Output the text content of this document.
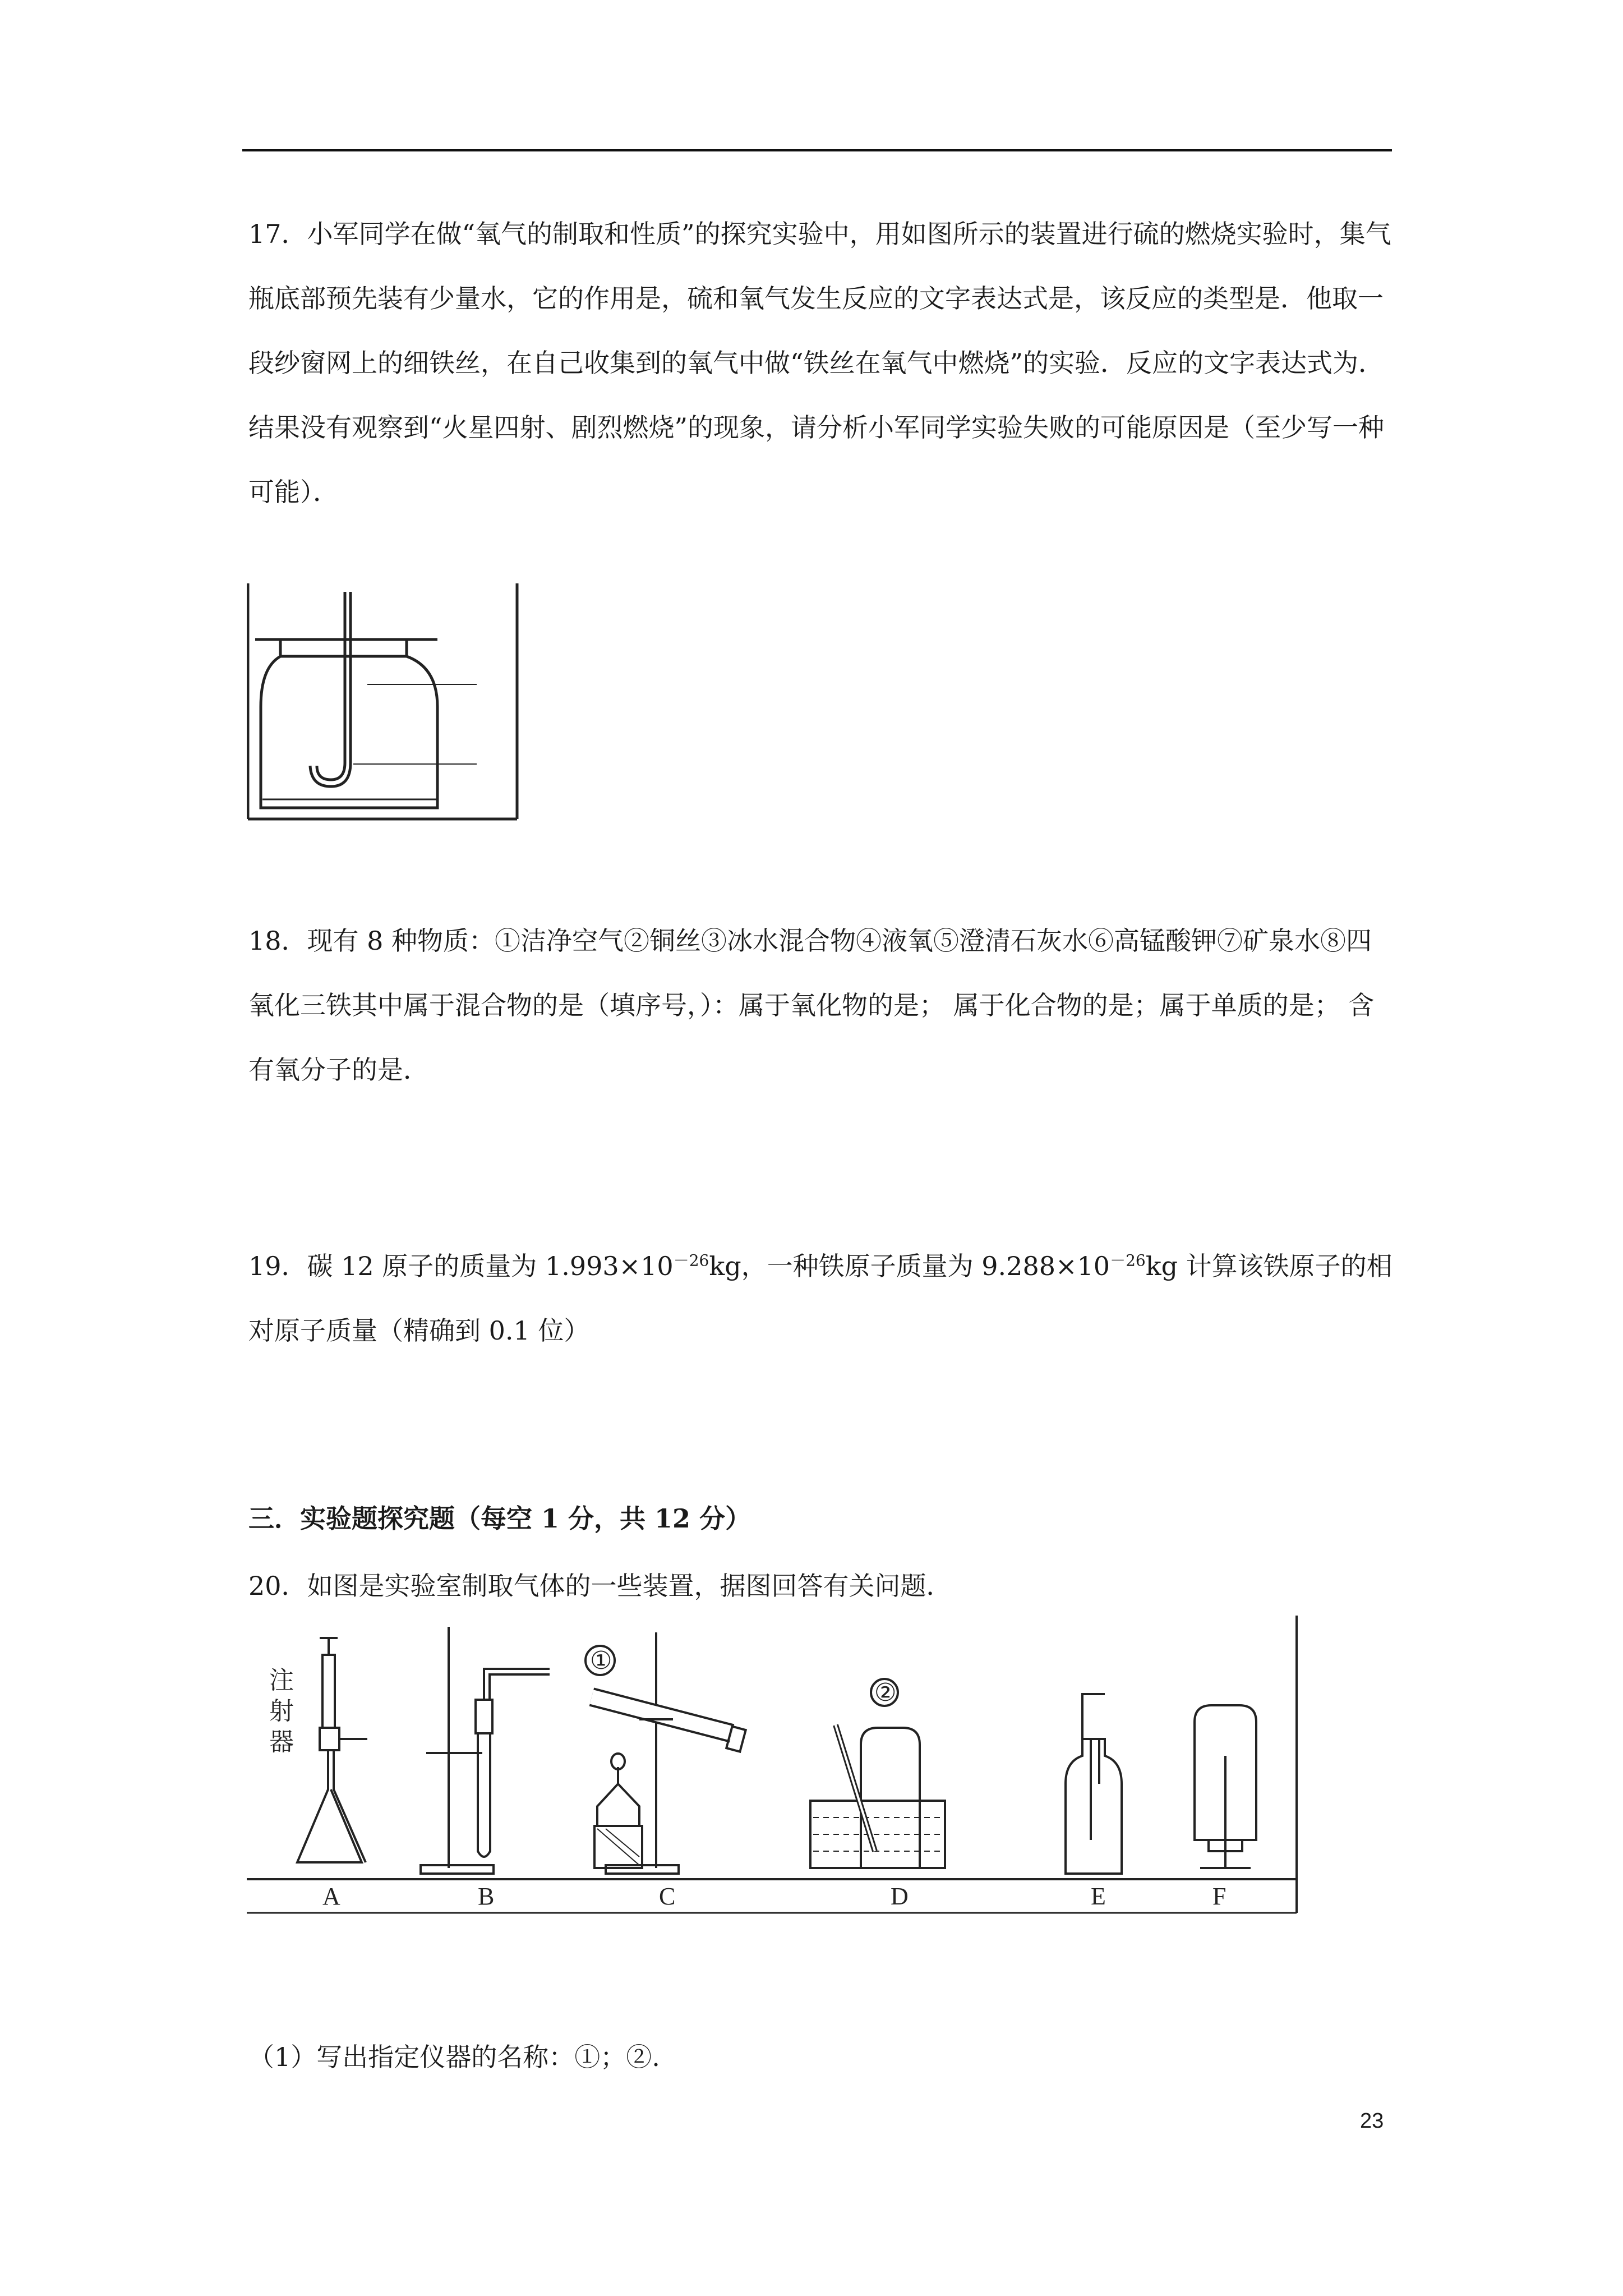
17．小军同学在做“氧气的制取和性质”的探究实验中，用如图所示的装置进行硫的燃烧实验时，集气瓶底部预先装有少量水，它的作用是，硫和氧气发生反应的文字表达式是，该反应的类型是．他取一段纱窗网上的细铁丝，在自己收集到的氧气中做“铁丝在氧气中燃烧”的实验．反应的文字表达式为．结果没有观察到“火星四射、剧烈燃烧”的现象，请分析小军同学实验失败的可能原因是（至少写一种可能）．

18．现有 8 种物质：①洁净空气②铜丝③冰水混合物④液氧⑤澄清石灰水⑥高锰酸钾⑦矿泉水⑧四氧化三铁其中属于混合物的是（填序号，）：属于氧化物的是； 属于化合物的是；属于单质的是； 含有氧分子的是．

19．碳 12 原子的质量为 $1.993\times 10^{-26}kg$，一种铁原子质量为 $9.288\times 10^{-26}kg$ 计算该铁原子的相对原子质量（精确到 0.1 位）

三．实验题探究题（每空 1 分，共 12 分）

20．如图是实验室制取气体的一些装置，据图回答有关问题．

①
②
注
射
器
A	B	C	D	E	F

（1）写出指定仪器的名称：①；②.

23
